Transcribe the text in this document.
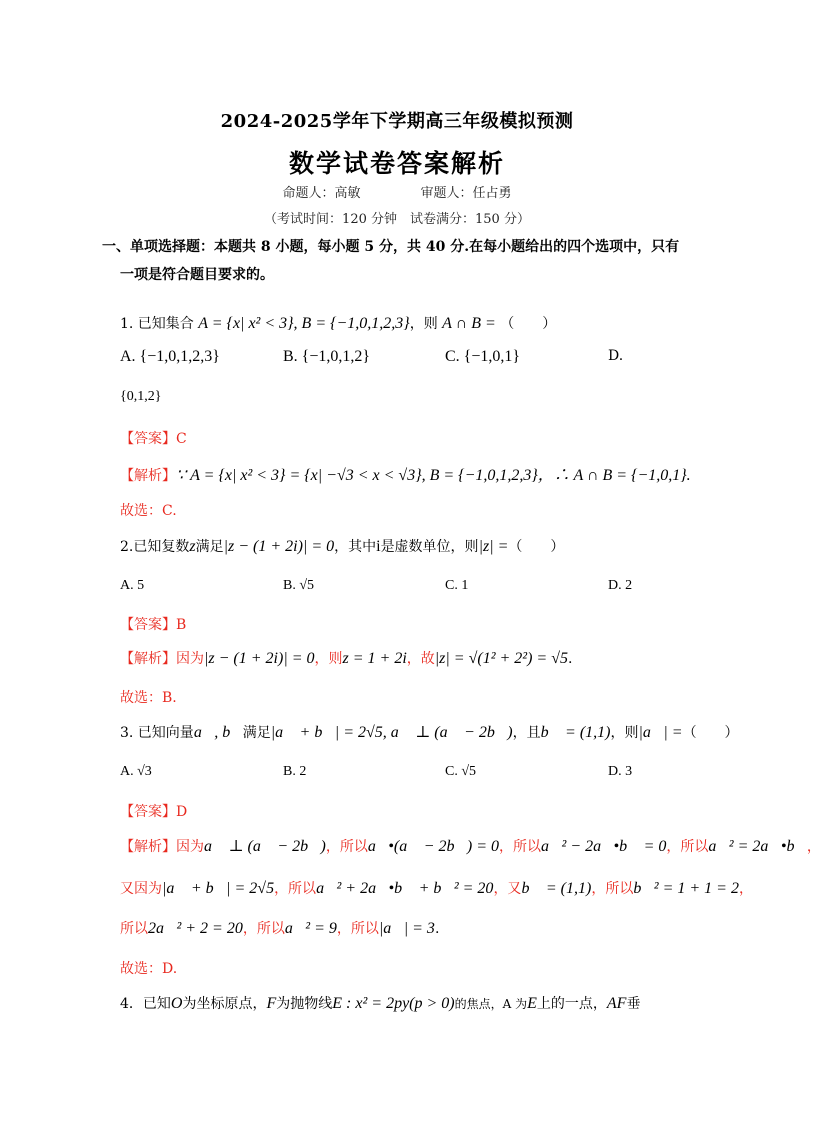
2024-2025学年下学期高三年级模拟预测
数学试卷答案解析
命题人：高敏	审题人：任占勇
（考试时间：120 分钟　试卷满分：150 分）
一、单项选择题：本题共 8 小题，每小题 5 分，共 40 分.在每小题给出的四个选项中，只有
一项是符合题目要求的。
1. 已知集合 A = {x| x² < 3}, B = {−1,0,1,2,3}，则 A ∩ B = （　　）
A. {−1,0,1,2,3}	B. {−1,0,1,2}	C. {−1,0,1}	D.
{0,1,2}
【答案】C
【解析】∵ A = {x| x² < 3} = {x| −√3 < x < √3}, B = {−1,0,1,2,3}，∴ A ∩ B = {−1,0,1}.
故选：C.
2.已知复数z满足|z − (1 + 2i)| = 0，其中i是虚数单位，则|z| =（　　）
A. 5	B. √5	C. 1	D. 2
【答案】B
【解析】因为|z − (1 + 2i)| = 0，则z = 1 + 2i，故|z| = √(1² + 2²) = √5.
故选：B.
3. 已知向量a⃗, b⃗满足|a⃗ + b⃗| = 2√5, a⃗ ⊥ (a⃗ − 2b⃗)，且b⃗ = (1,1)，则|a⃗| =（　　）
A. √3	B. 2	C. √5	D. 3
【答案】D
【解析】因为a⃗ ⊥ (a⃗ − 2b⃗)，所以a⃗•(a⃗ − 2b⃗) = 0，所以a⃗² − 2a⃗•b⃗ = 0，所以a⃗² = 2a⃗•b⃗，
又因为|a⃗ + b⃗| = 2√5，所以a⃗² + 2a⃗•b⃗ + b⃗² = 20，又b⃗ = (1,1)，所以b⃗² = 1 + 1 = 2，
所以2a⃗² + 2 = 20，所以a⃗² = 9，所以|a⃗| = 3.
故选：D.
4．已知O为坐标原点，F为抛物线E : x² = 2py(p > 0)的焦点，A 为E上的一点，AF垂
